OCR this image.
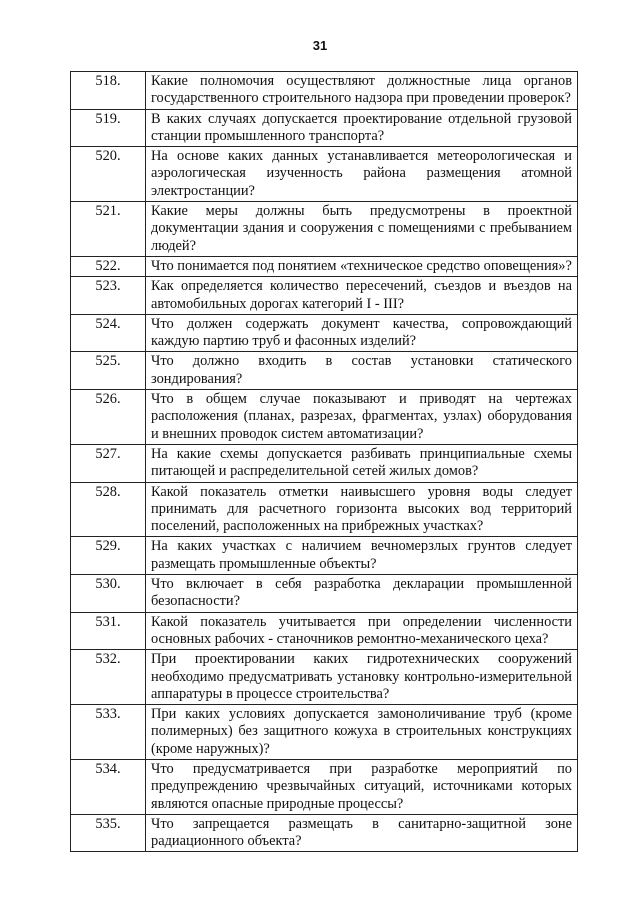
31
518.	Какие полномочия осуществляют должностные лица органов государственного строительного надзора при проведении проверок?
519.	В каких случаях допускается проектирование отдельной грузовой станции промышленного транспорта?
520.	На основе каких данных устанавливается метеорологическая и аэрологическая изученность района размещения атомной электростанции?
521.	Какие меры должны быть предусмотрены в проектной документации здания и сооружения с помещениями с пребыванием людей?
522.	Что понимается под понятием «техническое средство оповещения»?
523.	Как определяется количество пересечений, съездов и въездов на автомобильных дорогах категорий I - III?
524.	Что должен содержать документ качества, сопровождающий каждую партию труб и фасонных изделий?
525.	Что должно входить в состав установки статического зондирования?
526.	Что в общем случае показывают и приводят на чертежах расположения (планах, разрезах, фрагментах, узлах) оборудования и внешних проводок систем автоматизации?
527.	На какие схемы допускается разбивать принципиальные схемы питающей и распределительной сетей жилых домов?
528.	Какой показатель отметки наивысшего уровня воды следует принимать для расчетного горизонта высоких вод территорий поселений, расположенных на прибрежных участках?
529.	На каких участках с наличием вечномерзлых грунтов следует размещать промышленные объекты?
530.	Что включает в себя разработка декларации промышленной безопасности?
531.	Какой показатель учитывается при определении численности основных рабочих - станочников ремонтно-механического цеха?
532.	При проектировании каких гидротехнических сооружений необходимо предусматривать установку контрольно-измерительной аппаратуры в процессе строительства?
533.	При каких условиях допускается замоноличивание труб (кроме полимерных) без защитного кожуха в строительных конструкциях (кроме наружных)?
534.	Что предусматривается при разработке мероприятий по предупреждению чрезвычайных ситуаций, источниками которых являются опасные природные процессы?
535.	Что запрещается размещать в санитарно-защитной зоне радиационного объекта?
